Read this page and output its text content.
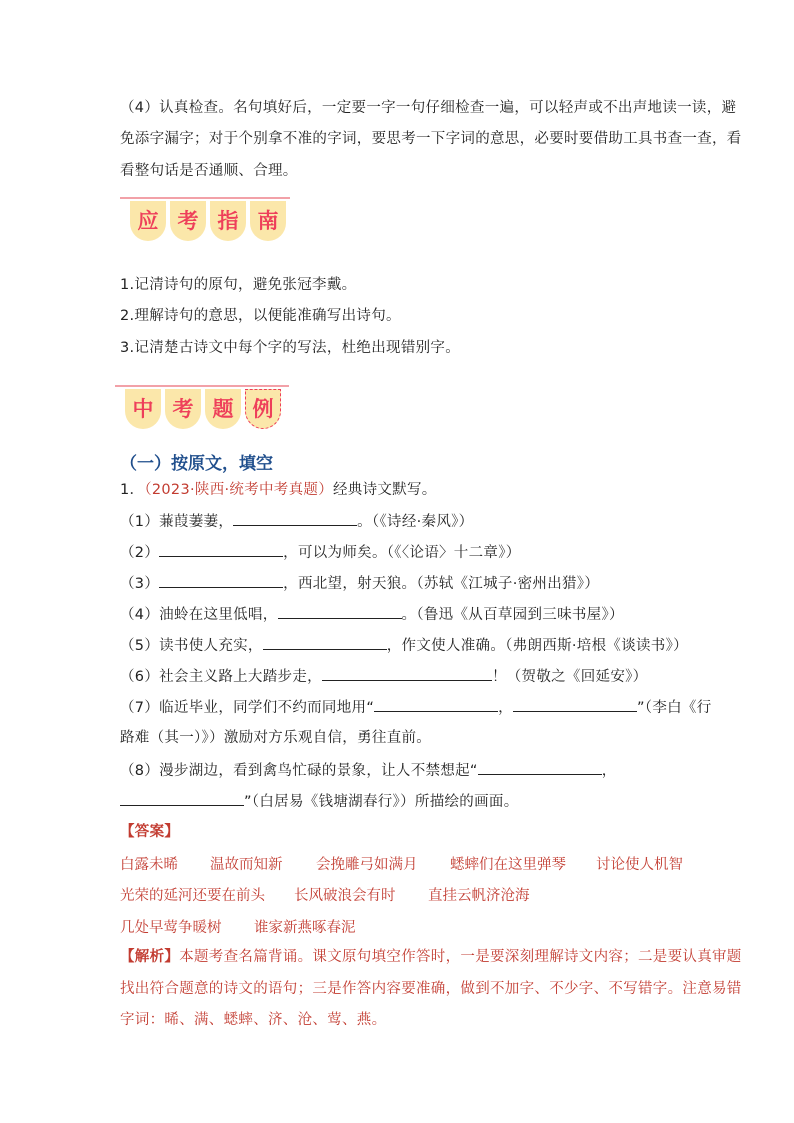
（4）认真检查。名句填好后，一定要一字一句仔细检查一遍，可以轻声或不出声地读一读，避
免添字漏字；对于个别拿不准的字词，要思考一下字词的意思，必要时要借助工具书查一查，看
看整句话是否通顺、合理。
应 考 指 南
1.记清诗句的原句，避免张冠李戴。
2.理解诗句的意思，以便能准确写出诗句。
3.记清楚古诗文中每个字的写法，杜绝出现错别字。
中 考 题 例
（一）按原文，填空
1．（2023·陕西·统考中考真题）经典诗文默写。
（1）蒹葭萋萋，	。（《诗经·秦风》）
（2）	，可以为师矣。（《〈论语〉十二章》）
（3）	，西北望，射天狼。（苏轼《江城子·密州出猎》）
（4）油蛉在这里低唱，	。（鲁迅《从百草园到三味书屋》）
（5）读书使人充实，	，作文使人准确。（弗朗西斯·培根《谈读书》）
（6）社会主义路上大踏步走，	！（贺敬之《回延安》）
（7）临近毕业，同学们不约而同地用“	，	”（李白《行
路难（其一）》）激励对方乐观自信，勇往直前。
（8）漫步湖边，看到禽鸟忙碌的景象，让人不禁想起“	，
”（白居易《钱塘湖春行》）所描绘的画面。
【答案】
白露未晞 温故而知新 会挽雕弓如满月 蟋蟀们在这里弹琴 讨论使人机智
光荣的延河还要在前头 长风破浪会有时 直挂云帆济沧海
几处早莺争暖树 谁家新燕啄春泥
【解析】本题考查名篇背诵。课文原句填空作答时，一是要深刻理解诗文内容；二是要认真审题
找出符合题意的诗文的语句；三是作答内容要准确，做到不加字、不少字、不写错字。注意易错
字词：晞、满、蟋蟀、济、沧、莺、燕。
